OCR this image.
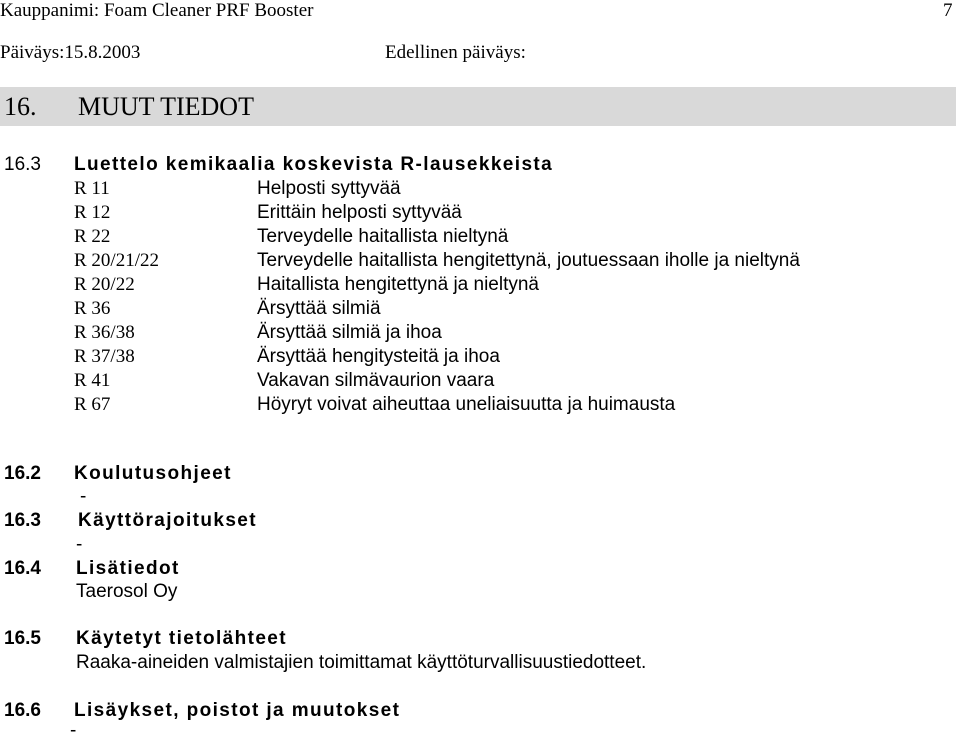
Kauppanimi: Foam Cleaner PRF Booster	7
Päiväys:15.8.2003	Edellinen päiväys:
16. MUUT TIEDOT
16.3 Luettelo kemikaalia koskevista R-lausekkeista
R 11	Helposti syttyvää
R 12	Erittäin helposti syttyvää
R 22	Terveydelle haitallista nieltynä
R 20/21/22	Terveydelle haitallista hengitettynä, joutuessaan iholle ja nieltynä
R 20/22	Haitallista hengitettynä ja nieltynä
R 36	Ärsyttää silmiä
R 36/38	Ärsyttää silmiä ja ihoa
R 37/38	Ärsyttää hengitysteitä ja ihoa
R 41	Vakavan silmävaurion vaara
R 67	Höyryt voivat aiheuttaa uneliaisuutta ja huimausta
16.2 Koulutusohjeet
-
16.3 Käyttörajoitukset
-
16.4 Lisätiedot
Taerosol Oy
16.5 Käytetyt tietolähteet
Raaka-aineiden valmistajien toimittamat käyttöturvallisuustiedotteet.
16.6 Lisäykset, poistot ja muutokset
-
